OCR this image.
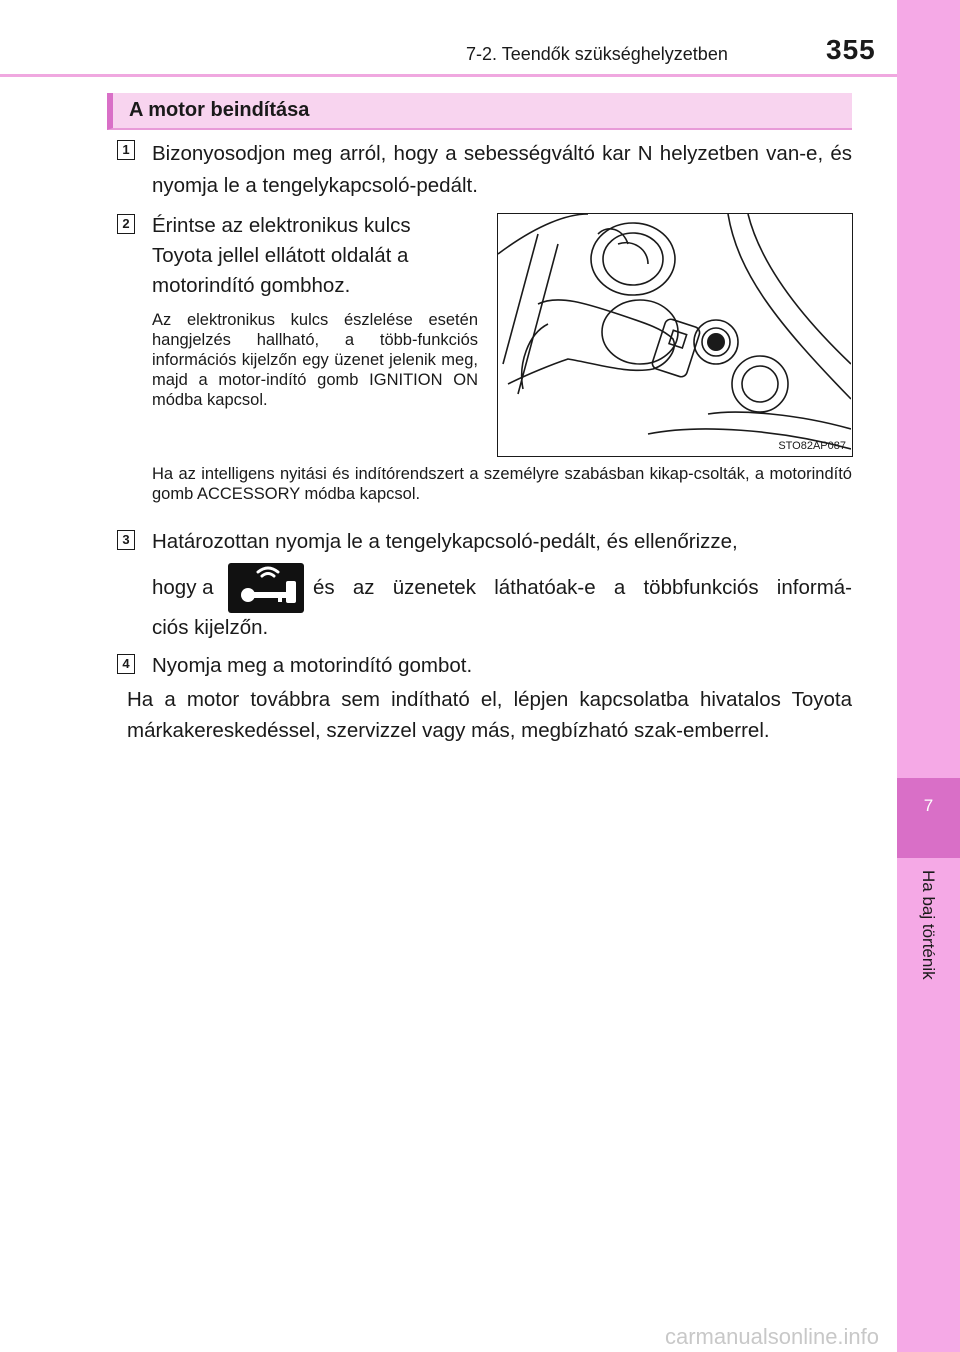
7
Ha baj történik
7-2. Teendők szükséghelyzetben	355
A motor beindítása
1 Bizonyosodjon meg arról, hogy a sebességváltó kar N helyzetben van-e, és nyomja le a tengelykapcsoló-pedált.
2 Érintse az elektronikus kulcs
Toyota jellel ellátott oldalát a
motorindító gombhoz.
Az elektronikus kulcs észlelése esetén hangjelzés hallható, a több-funkciós információs kijelzőn egy üzenet jelenik meg, majd a motor-indító gomb IGNITION ON módba kapcsol.
STO82AP087
Ha az intelligens nyitási és indítórendszert a személyre szabásban kikap-csolták, a motorindító gomb ACCESSORY módba kapcsol.
3 Határozottan nyomja le a tengelykapcsoló-pedált, és ellenőrizze,
hogy a	és az üzenetek láthatóak-e a többfunkciós informá-
ciós kijelzőn.
4 Nyomja meg a motorindító gombot.
Ha a motor továbbra sem indítható el, lépjen kapcsolatba hivatalos Toyota márkakereskedéssel, szervizzel vagy más, megbízható szak-emberrel.
carmanualsonline.info
